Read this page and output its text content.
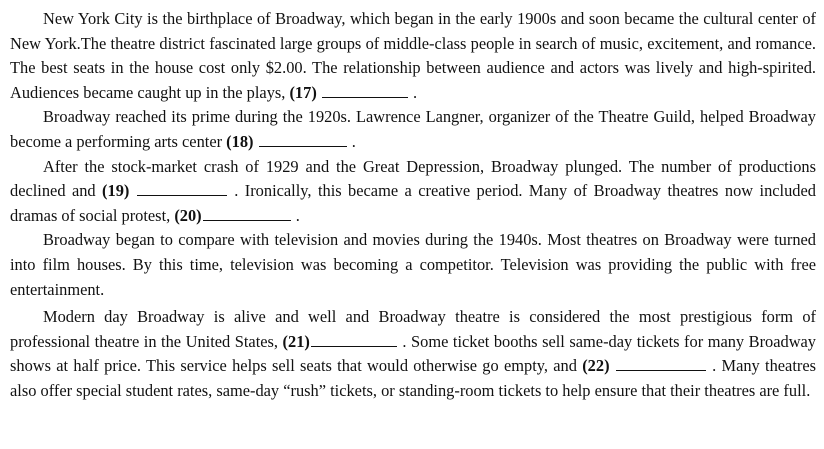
New York City is the birthplace of Broadway, which began in the early 1900s and soon became the cultural center of New York.The theatre district fascinated large groups of middle-class people in search of music, excitement, and romance. The best seats in the house cost only $2.00. The relationship between audience and actors was lively and high-spirited. Audiences became caught up in the plays, (17)	.

Broadway reached its prime during the 1920s. Lawrence Langner, organizer of the Theatre Guild, helped Broadway become a performing arts center (18)	.

After the stock-market crash of 1929 and the Great Depression, Broadway plunged. The number of productions declined and (19)	. Ironically, this became a creative period. Many of Broadway theatres now included dramas of social protest, (20)	.

Broadway began to compare with television and movies during the 1940s. Most theatres on Broadway were turned into film houses. By this time, television was becoming a competitor. Television was providing the public with free entertainment.

Modern day Broadway is alive and well and Broadway theatre is considered the most prestigious form of professional theatre in the United States, (21)	. Some ticket booths sell same-day tickets for many Broadway shows at half price. This service helps sell seats that would otherwise go empty, and (22)	. Many theatres also offer special student rates, same-day “rush” tickets, or standing-room tickets to help ensure that their theatres are full.
